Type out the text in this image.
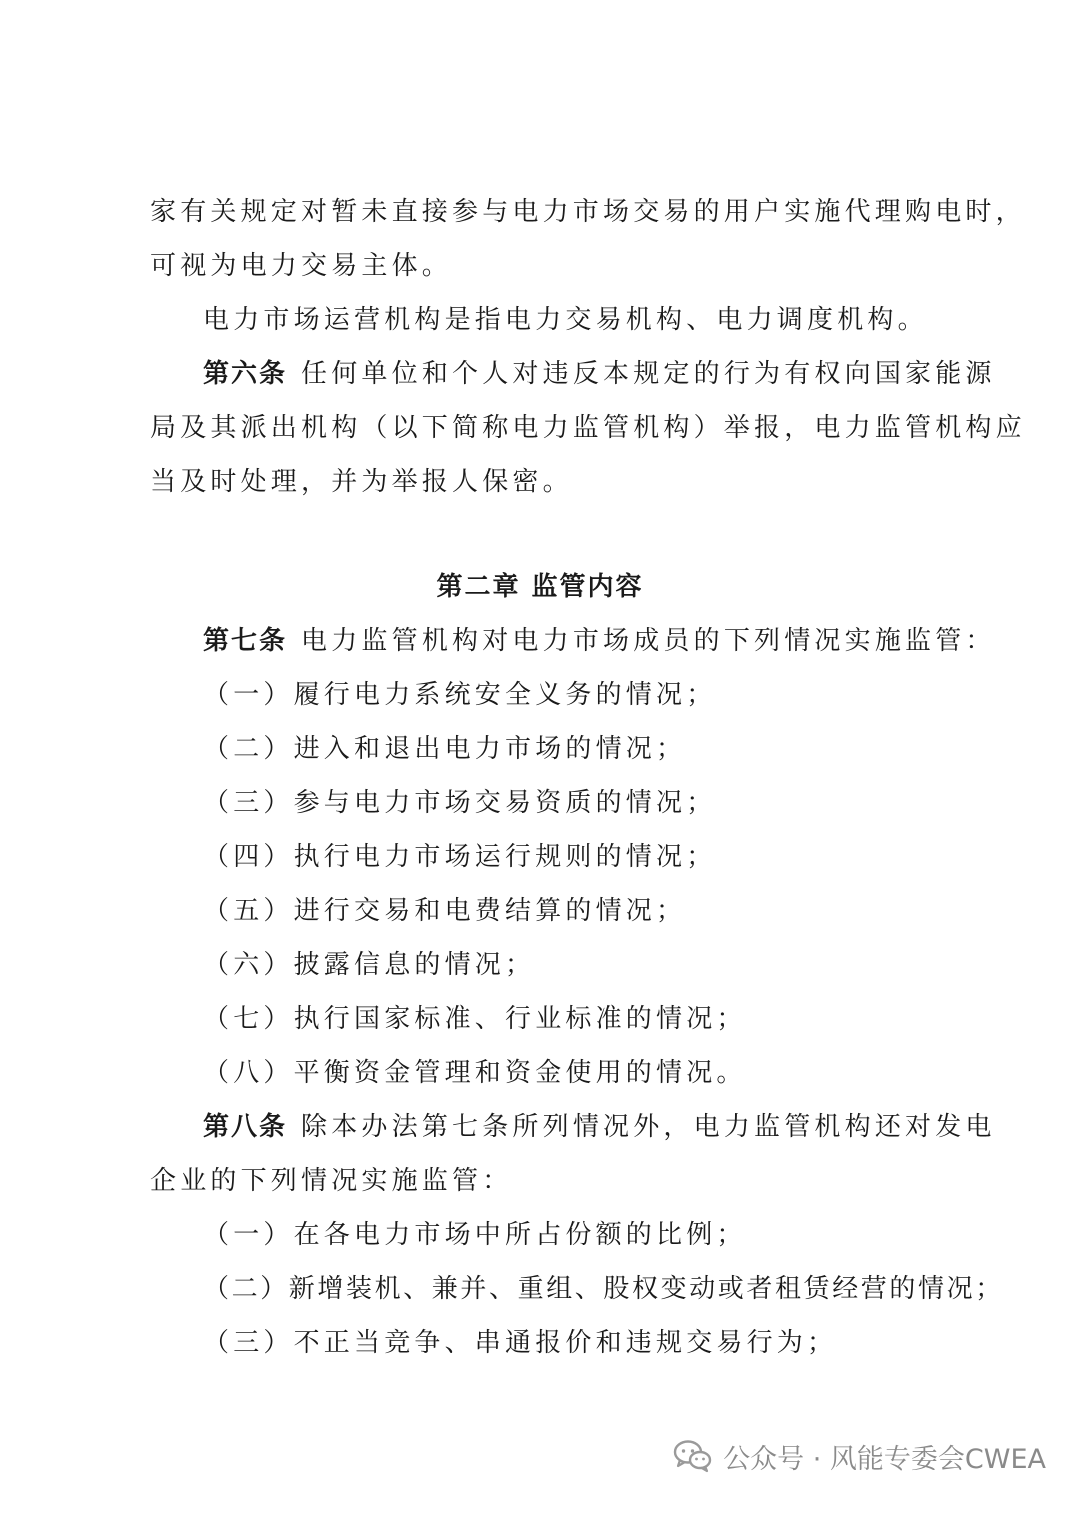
家有关规定对暂未直接参与电力市场交易的用户实施代理购电时，
可视为电力交易主体。
电力市场运营机构是指电力交易机构、电力调度机构。
第六条 任何单位和个人对违反本规定的行为有权向国家能源
局及其派出机构（以下简称电力监管机构）举报，电力监管机构应
当及时处理，并为举报人保密。
第二章 监管内容
第七条 电力监管机构对电力市场成员的下列情况实施监管：
（一）履行电力系统安全义务的情况；
（二）进入和退出电力市场的情况；
（三）参与电力市场交易资质的情况；
（四）执行电力市场运行规则的情况；
（五）进行交易和电费结算的情况；
（六）披露信息的情况；
（七）执行国家标准、行业标准的情况；
（八）平衡资金管理和资金使用的情况。
第八条 除本办法第七条所列情况外，电力监管机构还对发电
企业的下列情况实施监管：
（一）在各电力市场中所占份额的比例；
（二）新增装机、兼并、重组、股权变动或者租赁经营的情况；
（三）不正当竞争、串通报价和违规交易行为；
公众号 · 风能专委会CWEA
